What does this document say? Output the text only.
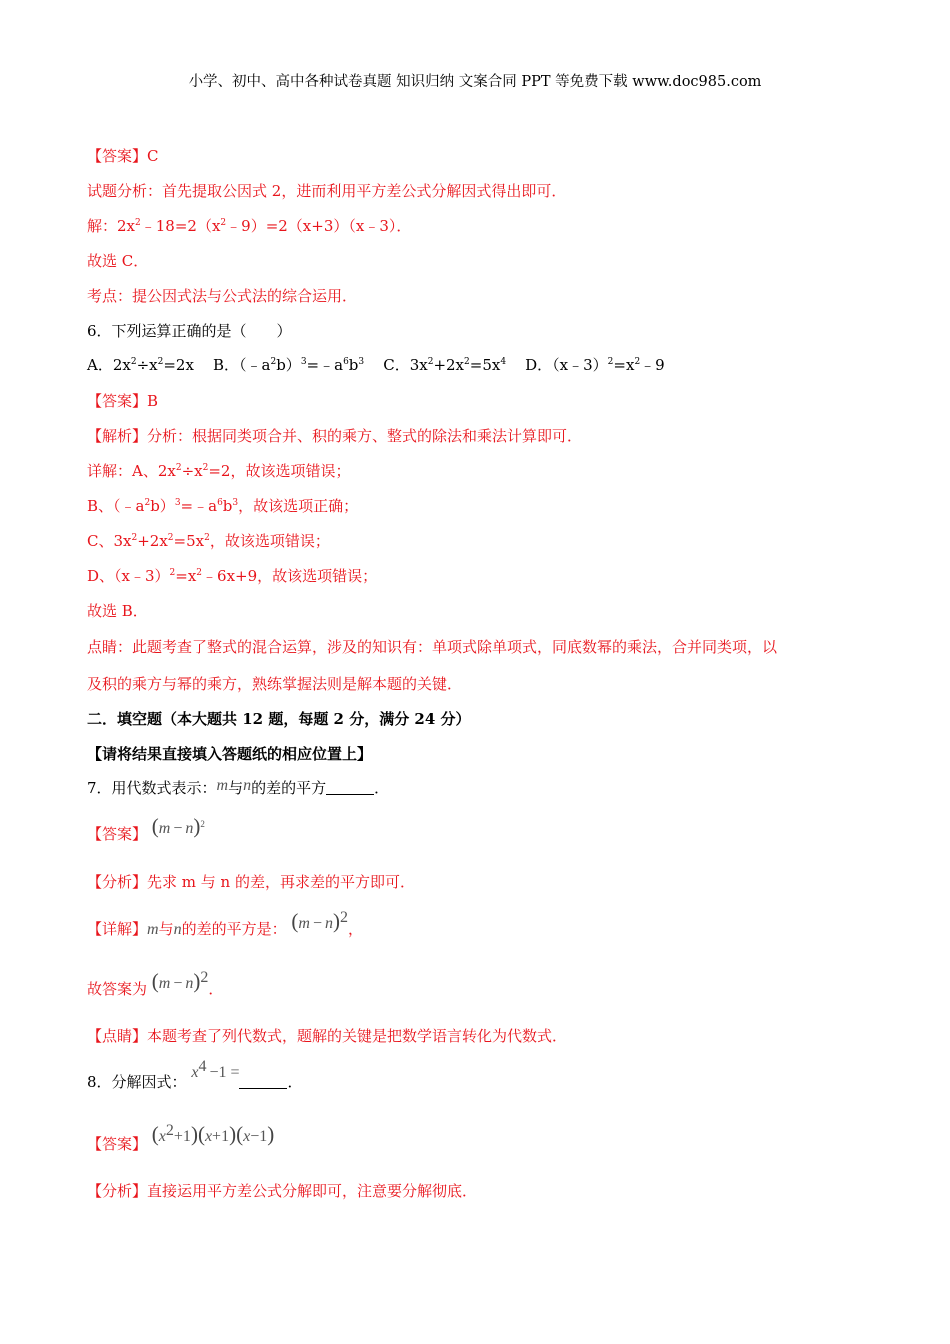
小学、初中、高中各种试卷真题 知识归纳 文案合同 PPT 等免费下载 www.doc985.com
【答案】C
试题分析：首先提取公因式 2，进而利用平方差公式分解因式得出即可．
解：$2x^2﹣18=2(x^2﹣9)=2(x+3)(x﹣3)$．
故选 C．
考点：提公因式法与公式法的综合运用．
6．下列运算正确的是（　　）
A．$2x^2\div x^2=2x$ B．$(﹣a^2b)^3=﹣a^6b^3$ C．$3x^2+2x^2=5x^4$ D．$(x﹣3)^2=x^2﹣9$
【答案】B
【解析】分析：根据同类项合并、积的乘方、整式的除法和乘法计算即可．
详解：A、$2x^2\div x^2=2$，故该选项错误；
B、$(﹣a^2b)^3=﹣a^6b^3$，故该选项正确；
C、$3x^2+2x^2=5x^2$，故该选项错误；
D、$(x﹣3)^2=x^2﹣6x+9$，故该选项错误；
故选 B．
点睛：此题考查了整式的混合运算，涉及的知识有：单项式除单项式，同底数幂的乘法，合并同类项，以
及积的乘方与幂的乘方，熟练掌握法则是解本题的关键．
二．填空题（本大题共 12 题，每题 2 分，满分 24 分）
【请将结果直接填入答题纸的相应位置上】
7．用代数式表示：m与n的差的平方	．
【答案】 $(m - n)^2$
【分析】先求 m 与 n 的差，再求差的平方即可．
【详解】m与n的差的平方是： $(m - n)^2$，
故答案为 $(m - n)^2$．
【点睛】本题考查了列代数式，题解的关键是把数学语言转化为代数式．
8．分解因式： $x^4 -1$ =．
【答案】 $(x^2+1)(x+1)(x-1)$
【分析】直接运用平方差公式分解即可，注意要分解彻底．
